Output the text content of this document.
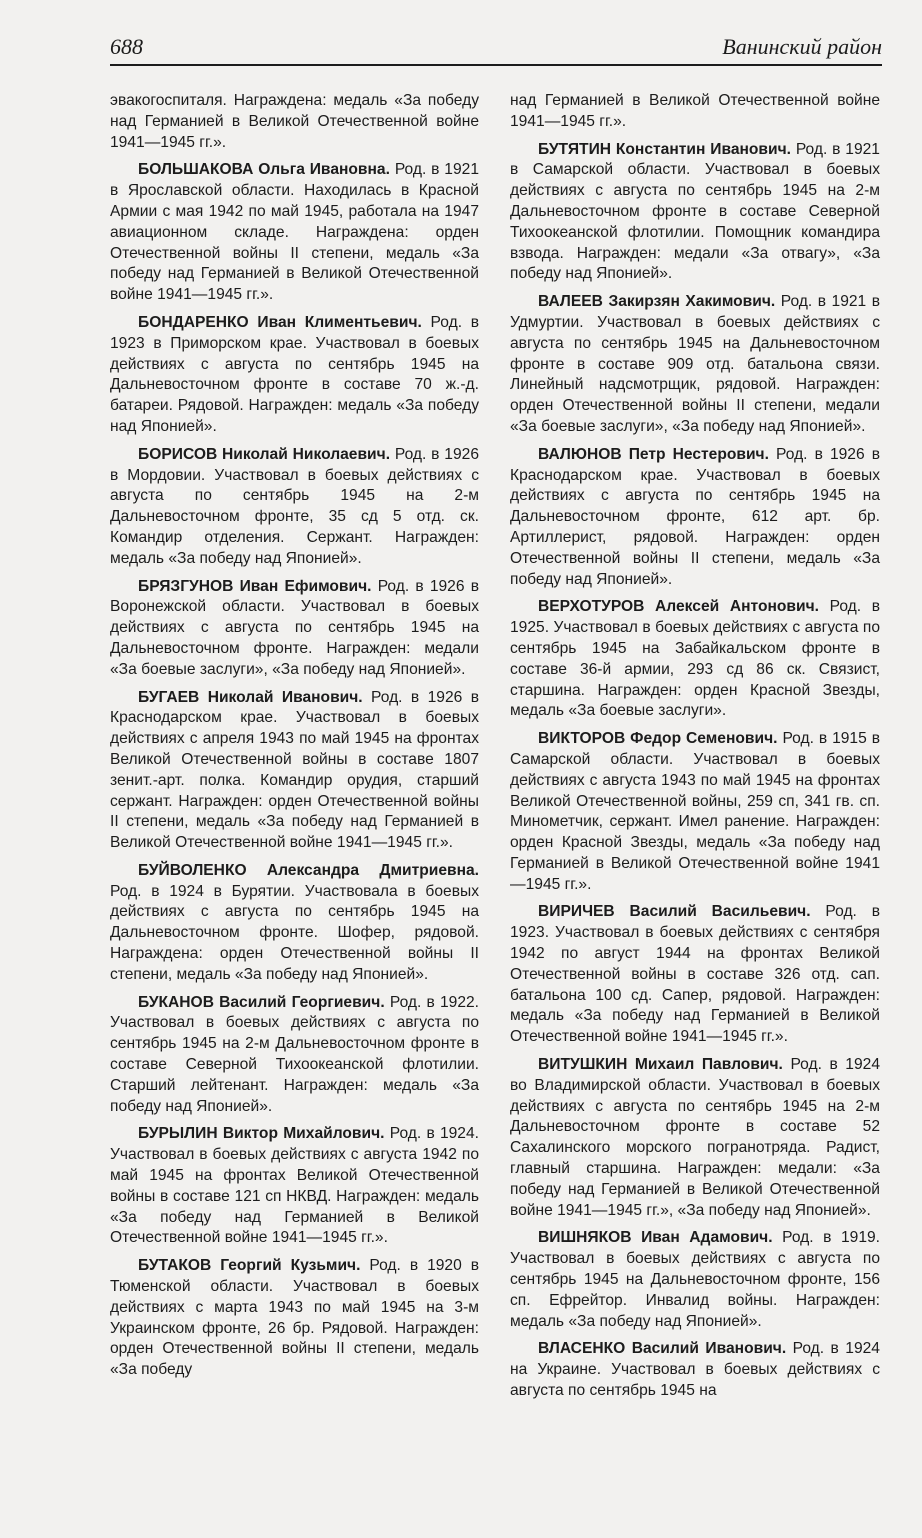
688	Ванинский район

эвакогоспиталя. Награждена: медаль «За победу над Германией в Великой Отечественной войне 1941—1945 гг.».

БОЛЬШАКОВА Ольга Ивановна. Род. в 1921 в Ярославской области. Находилась в Красной Армии с мая 1942 по май 1945, работала на 1947 авиационном складе. Награждена: орден Отечественной войны II степени, медаль «За победу над Германией в Великой Отечественной войне 1941—1945 гг.».

БОНДАРЕНКО Иван Климентьевич. Род. в 1923 в Приморском крае. Участвовал в боевых действиях с августа по сентябрь 1945 на Дальневосточном фронте в составе 70 ж.-д. батареи. Рядовой. Награжден: медаль «За победу над Японией».

БОРИСОВ Николай Николаевич. Род. в 1926 в Мордовии. Участвовал в боевых действиях с августа по сентябрь 1945 на 2-м Дальневосточном фронте, 35 сд 5 отд. ск. Командир отделения. Сержант. Награжден: медаль «За победу над Японией».

БРЯЗГУНОВ Иван Ефимович. Род. в 1926 в Воронежской области. Участвовал в боевых действиях с августа по сентябрь 1945 на Дальневосточном фронте. Награжден: медали «За боевые заслуги», «За победу над Японией».

БУГАЕВ Николай Иванович. Род. в 1926 в Краснодарском крае. Участвовал в боевых действиях с апреля 1943 по май 1945 на фронтах Великой Отечественной войны в составе 1807 зенит.-арт. полка. Командир орудия, старший сержант. Награжден: орден Отечественной войны II степени, медаль «За победу над Германией в Великой Отечественной войне 1941—1945 гг.».

БУЙВОЛЕНКО Александра Дмитриевна. Род. в 1924 в Бурятии. Участвовала в боевых действиях с августа по сентябрь 1945 на Дальневосточном фронте. Шофер, рядовой. Награждена: орден Отечественной войны II степени, медаль «За победу над Японией».

БУКАНОВ Василий Георгиевич. Род. в 1922. Участвовал в боевых действиях с августа по сентябрь 1945 на 2-м Дальневосточном фронте в составе Северной Тихоокеанской флотилии. Старший лейтенант. Награжден: медаль «За победу над Японией».

БУРЫЛИН Виктор Михайлович. Род. в 1924. Участвовал в боевых действиях с августа 1942 по май 1945 на фронтах Великой Отечественной войны в составе 121 сп НКВД. Награжден: медаль «За победу над Германией в Великой Отечественной войне 1941—1945 гг.».

БУТАКОВ Георгий Кузьмич. Род. в 1920 в Тюменской области. Участвовал в боевых действиях с марта 1943 по май 1945 на 3-м Украинском фронте, 26 бр. Рядовой. Награжден: орден Отечественной войны II степени, медаль «За победу

над Германией в Великой Отечественной войне 1941—1945 гг.».

БУТЯТИН Константин Иванович. Род. в 1921 в Самарской области. Участвовал в боевых действиях с августа по сентябрь 1945 на 2-м Дальневосточном фронте в составе Северной Тихоокеанской флотилии. Помощник командира взвода. Награжден: медали «За отвагу», «За победу над Японией».

ВАЛЕЕВ Закирзян Хакимович. Род. в 1921 в Удмуртии. Участвовал в боевых действиях с августа по сентябрь 1945 на Дальневосточном фронте в составе 909 отд. батальона связи. Линейный надсмотрщик, рядовой. Награжден: орден Отечественной войны II степени, медали «За боевые заслуги», «За победу над Японией».

ВАЛЮНОВ Петр Нестерович. Род. в 1926 в Краснодарском крае. Участвовал в боевых действиях с августа по сентябрь 1945 на Дальневосточном фронте, 612 арт. бр. Артиллерист, рядовой. Награжден: орден Отечественной войны II степени, медаль «За победу над Японией».

ВЕРХОТУРОВ Алексей Антонович. Род. в 1925. Участвовал в боевых действиях с августа по сентябрь 1945 на Забайкальском фронте в составе 36-й армии, 293 сд 86 ск. Связист, старшина. Награжден: орден Красной Звезды, медаль «За боевые заслуги».

ВИКТОРОВ Федор Семенович. Род. в 1915 в Самарской области. Участвовал в боевых действиях с августа 1943 по май 1945 на фронтах Великой Отечественной войны, 259 сп, 341 гв. сп. Минометчик, сержант. Имел ранение. Награжден: орден Красной Звезды, медаль «За победу над Германией в Великой Отечественной войне 1941—1945 гг.».

ВИРИЧЕВ Василий Васильевич. Род. в 1923. Участвовал в боевых действиях с сентября 1942 по август 1944 на фронтах Великой Отечественной войны в составе 326 отд. сап. батальона 100 сд. Сапер, рядовой. Награжден: медаль «За победу над Германией в Великой Отечественной войне 1941—1945 гг.».

ВИТУШКИН Михаил Павлович. Род. в 1924 во Владимирской области. Участвовал в боевых действиях с августа по сентябрь 1945 на 2-м Дальневосточном фронте в составе 52 Сахалинского морского погранотряда. Радист, главный старшина. Награжден: медали: «За победу над Германией в Великой Отечественной войне 1941—1945 гг.», «За победу над Японией».

ВИШНЯКОВ Иван Адамович. Род. в 1919. Участвовал в боевых действиях с августа по сентябрь 1945 на Дальневосточном фронте, 156 сп. Ефрейтор. Инвалид войны. Награжден: медаль «За победу над Японией».

ВЛАСЕНКО Василий Иванович. Род. в 1924 на Украине. Участвовал в боевых действиях с августа по сентябрь 1945 на
